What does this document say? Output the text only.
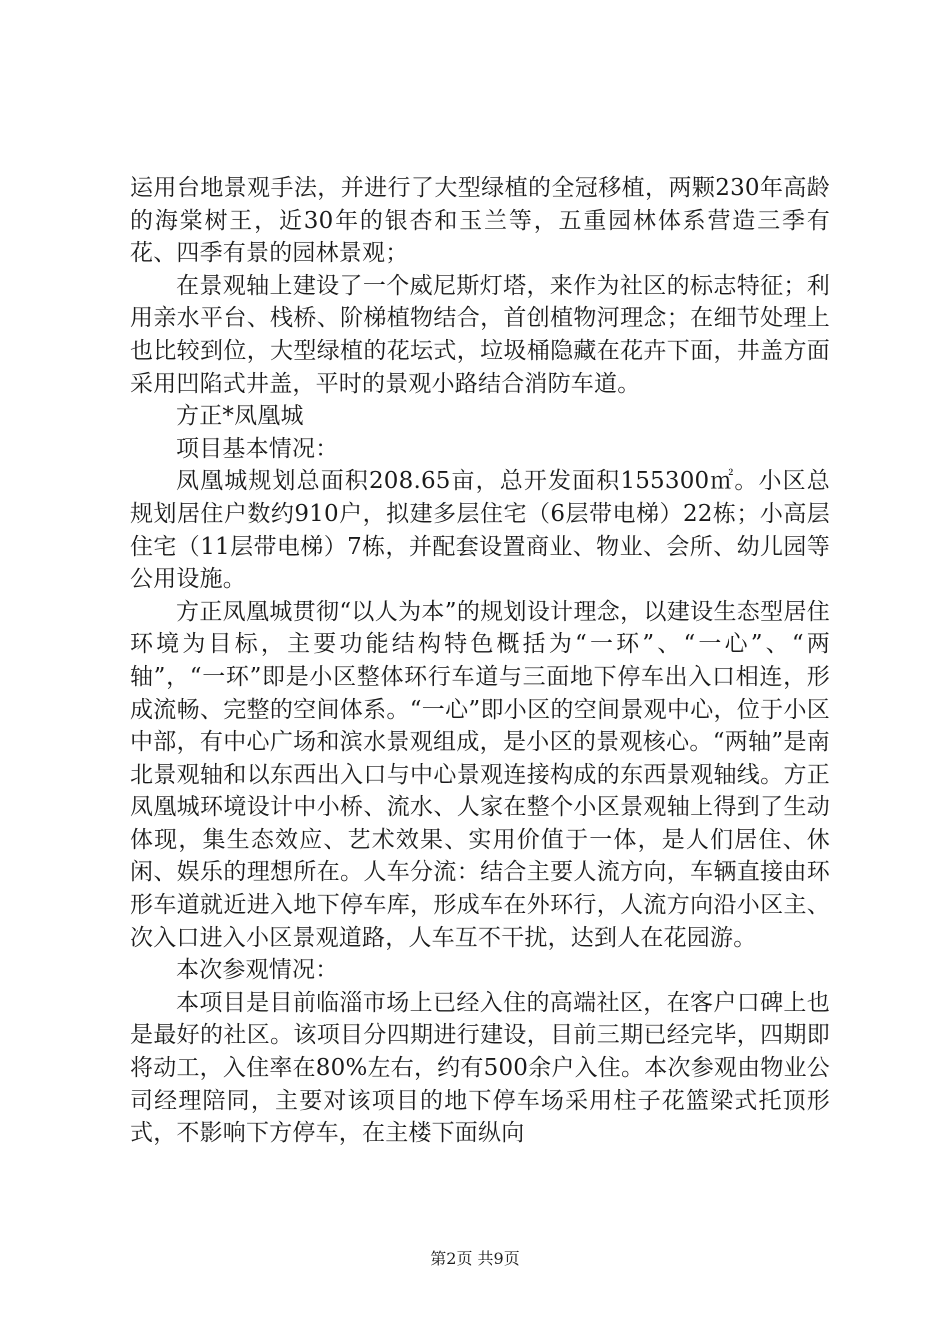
运用台地景观手法，并进行了大型绿植的全冠移植，两颗230年高龄的海棠树王，近30年的银杏和玉兰等，五重园林体系营造三季有花、四季有景的园林景观；

在景观轴上建设了一个威尼斯灯塔，来作为社区的标志特征；利用亲水平台、栈桥、阶梯植物结合，首创植物河理念；在细节处理上也比较到位，大型绿植的花坛式，垃圾桶隐藏在花卉下面，井盖方面采用凹陷式井盖，平时的景观小路结合消防车道。

方正*凤凰城

项目基本情况：

凤凰城规划总面积208.65亩，总开发面积155300㎡。小区总规划居住户数约910户，拟建多层住宅（6层带电梯）22栋；小高层住宅（11层带电梯）7栋，并配套设置商业、物业、会所、幼儿园等公用设施。

方正凤凰城贯彻“以人为本”的规划设计理念，以建设生态型居住环境为目标，主要功能结构特色概括为“一环”、“一心”、“两轴”，“一环”即是小区整体环行车道与三面地下停车出入口相连，形成流畅、完整的空间体系。“一心”即小区的空间景观中心，位于小区中部，有中心广场和滨水景观组成，是小区的景观核心。“两轴”是南北景观轴和以东西出入口与中心景观连接构成的东西景观轴线。方正凤凰城环境设计中小桥、流水、人家在整个小区景观轴上得到了生动体现，集生态效应、艺术效果、实用价值于一体，是人们居住、休闲、娱乐的理想所在。人车分流：结合主要人流方向，车辆直接由环形车道就近进入地下停车库，形成车在外环行，人流方向沿小区主、次入口进入小区景观道路，人车互不干扰，达到人在花园游。

本次参观情况：

本项目是目前临淄市场上已经入住的高端社区，在客户口碑上也是最好的社区。该项目分四期进行建设，目前三期已经完毕，四期即将动工，入住率在80%左右，约有500余户入住。本次参观由物业公司经理陪同，主要对该项目的地下停车场采用柱子花篮梁式托顶形式，不影响下方停车，在主楼下面纵向

第2页 共9页
